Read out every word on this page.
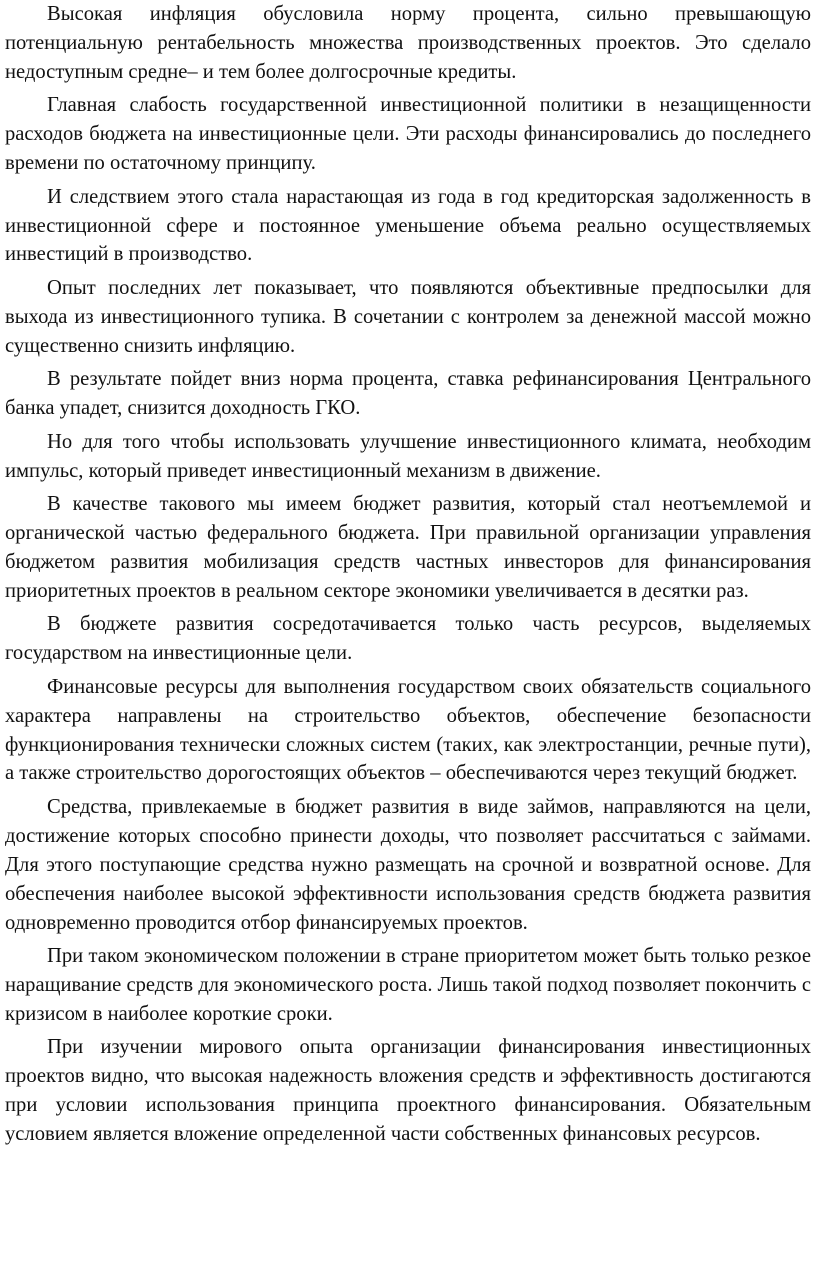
Высокая инфляция обусловила норму процента, сильно превышающую потенциальную рентабельность множества производственных проектов. Это сделало недоступным средне– и тем более долгосрочные кредиты.

Главная слабость государственной инвестиционной политики в незащищенности расходов бюджета на инвестиционные цели. Эти расходы финансировались до последнего времени по остаточному принципу.

И следствием этого стала нарастающая из года в год кредиторская задолженность в инвестиционной сфере и постоянное уменьшение объема реально осуществляемых инвестиций в производство.

Опыт последних лет показывает, что появляются объективные предпосылки для выхода из инвестиционного тупика. В сочетании с контролем за денежной массой можно существенно снизить инфляцию.

В результате пойдет вниз норма процента, ставка рефинансирования Центрального банка упадет, снизится доходность ГКО.

Но для того чтобы использовать улучшение инвестиционного климата, необходим импульс, который приведет инвестиционный механизм в движение.

В качестве такового мы имеем бюджет развития, который стал неотъемлемой и органической частью федерального бюджета. При правильной организации управления бюджетом развития мобилизация средств частных инвесторов для финансирования приоритетных проектов в реальном секторе экономики увеличивается в десятки раз.

В бюджете развития сосредотачивается только часть ресурсов, выделяемых государством на инвестиционные цели.

Финансовые ресурсы для выполнения государством своих обязательств социального характера направлены на строительство объектов, обеспечение безопасности функционирования технически сложных систем (таких, как электростанции, речные пути), а также строительство дорогостоящих объектов – обеспечиваются через текущий бюджет.

Средства, привлекаемые в бюджет развития в виде займов, направляются на цели, достижение которых способно принести доходы, что позволяет рассчитаться с займами. Для этого поступающие средства нужно размещать на срочной и возвратной основе. Для обеспечения наиболее высокой эффективности использования средств бюджета развития одновременно проводится отбор финансируемых проектов.

При таком экономическом положении в стране приоритетом может быть только резкое наращивание средств для экономического роста. Лишь такой подход позволяет покончить с кризисом в наиболее короткие сроки.

При изучении мирового опыта организации финансирования инвестиционных проектов видно, что высокая надежность вложения средств и эффективность достигаются при условии использования принципа проектного финансирования. Обязательным условием является вложение определенной части собственных финансовых ресурсов.
